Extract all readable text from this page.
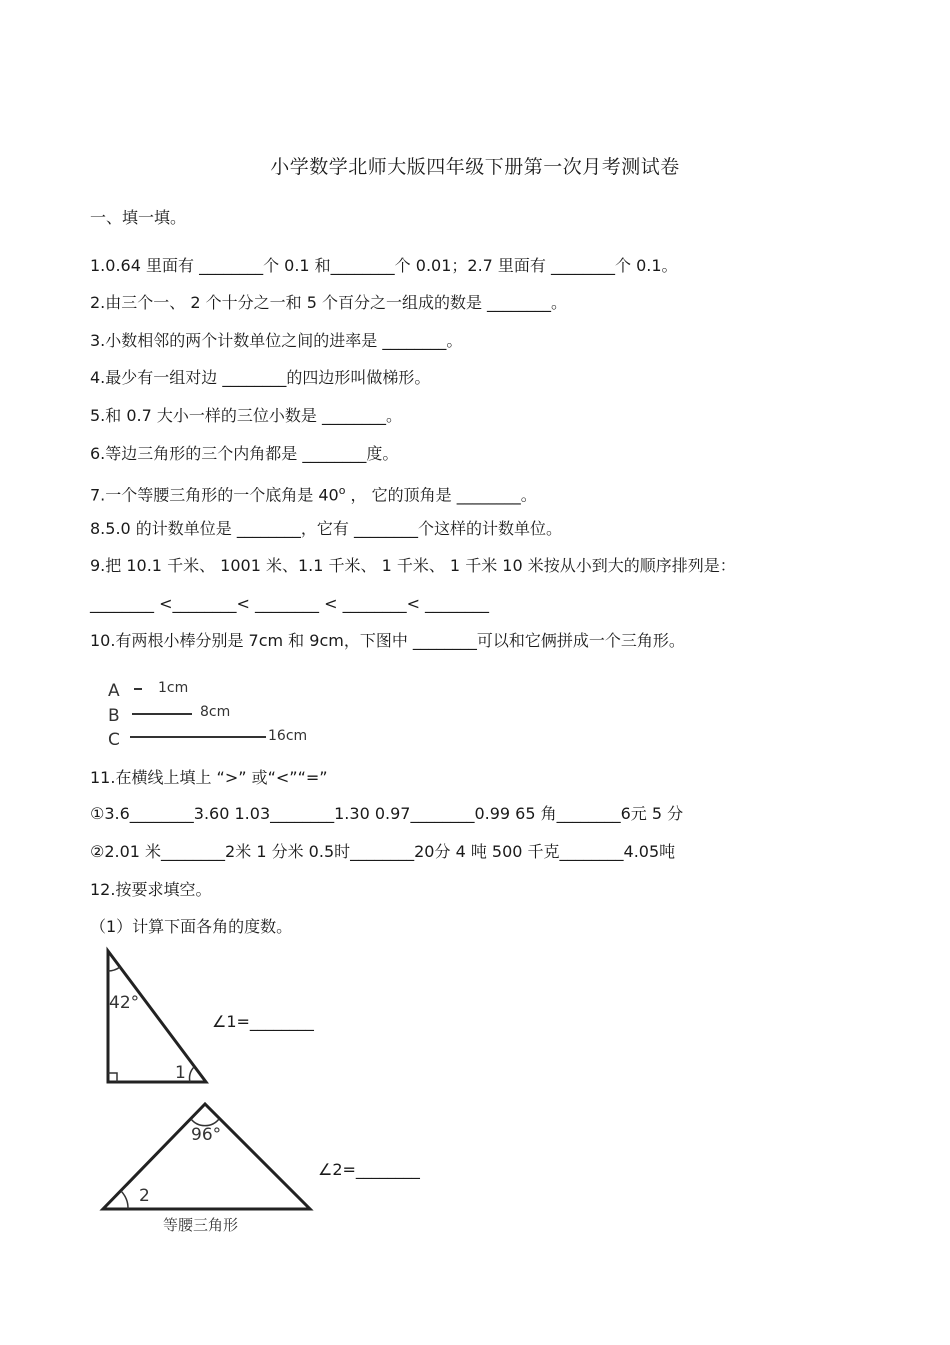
小学数学北师大版四年级下册第一次月考测试卷
一、填一填。
1.0.64 里面有 ________个 0.1 和________个 0.01；2.7 里面有 ________个 0.1。
2.由三个一、 2 个十分之一和 5 个百分之一组成的数是 ________。
3.小数相邻的两个计数单位之间的进率是 ________。
4.最少有一组对边 ________的四边形叫做梯形。
5.和 0.7 大小一样的三位小数是 ________。
6.等边三角形的三个内角都是 ________度。
7.一个等腰三角形的一个底角是 40$^o$ ， 它的顶角是 ________。
8.5.0 的计数单位是 ________，它有 ________个这样的计数单位。
9.把 10.1 千米、 1001 米、1.1 千米、 1 千米、 1 千米 10 米按从小到大的顺序排列是：
________ <________< ________ < ________< ________
10.有两根小棒分别是 7cm 和 9cm，下图中 ________可以和它俩拼成一个三角形。
A	1cm
B	8cm
C	16cm
11.在横线上填上 “>” 或“<”“=”
①3.6________3.60 1.03________1.30 0.97________0.99 65 角________6元 5 分
②2.01 米________2米 1 分米 0.5时________20分 4 吨 500 千克________4.05吨
12.按要求填空。
（1）计算下面各角的度数。
42°
1
∠1=________
96°
2
等腰三角形
∠2=________
